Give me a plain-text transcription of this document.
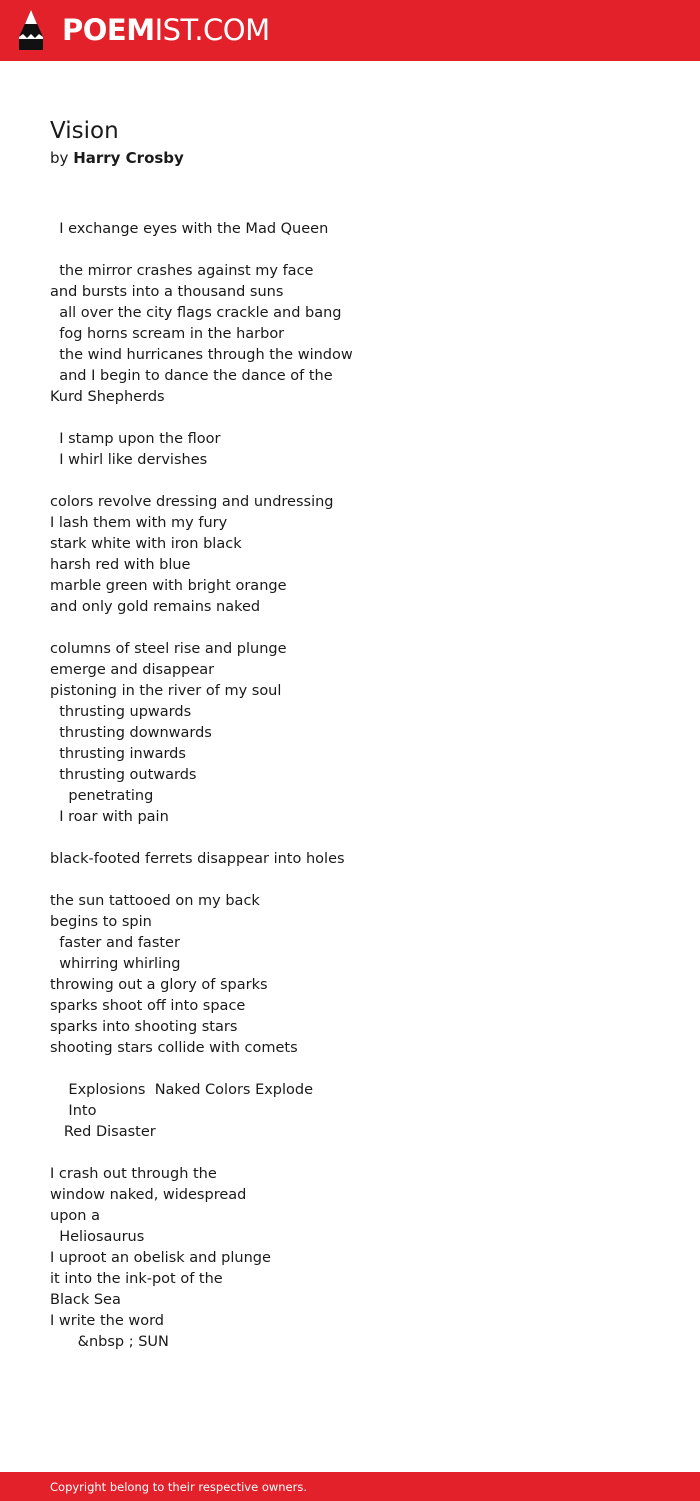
POEMIST.COM
Vision
by Harry Crosby
I exchange eyes with the Mad Queen
the mirror crashes against my face
and bursts into a thousand suns
all over the city flags crackle and bang
fog horns scream in the harbor
the wind hurricanes through the window
and I begin to dance the dance of the
Kurd Shepherds
I stamp upon the floor
I whirl like dervishes
colors revolve dressing and undressing
I lash them with my fury
stark white with iron black
harsh red with blue
marble green with bright orange
and only gold remains naked
columns of steel rise and plunge
emerge and disappear
pistoning in the river of my soul
thrusting upwards
thrusting downwards
thrusting inwards
thrusting outwards
penetrating
I roar with pain
black-footed ferrets disappear into holes
the sun tattooed on my back
begins to spin
faster and faster
whirring whirling
throwing out a glory of sparks
sparks shoot off into space
sparks into shooting stars
shooting stars collide with comets
Explosions  Naked Colors Explode
Into
Red Disaster
I crash out through the
window naked, widespread
upon a
Heliosaurus
I uproot an obelisk and plunge
it into the ink-pot of the
Black Sea
I write the word
&nbsp ; SUN
Copyright belong to their respective owners.
